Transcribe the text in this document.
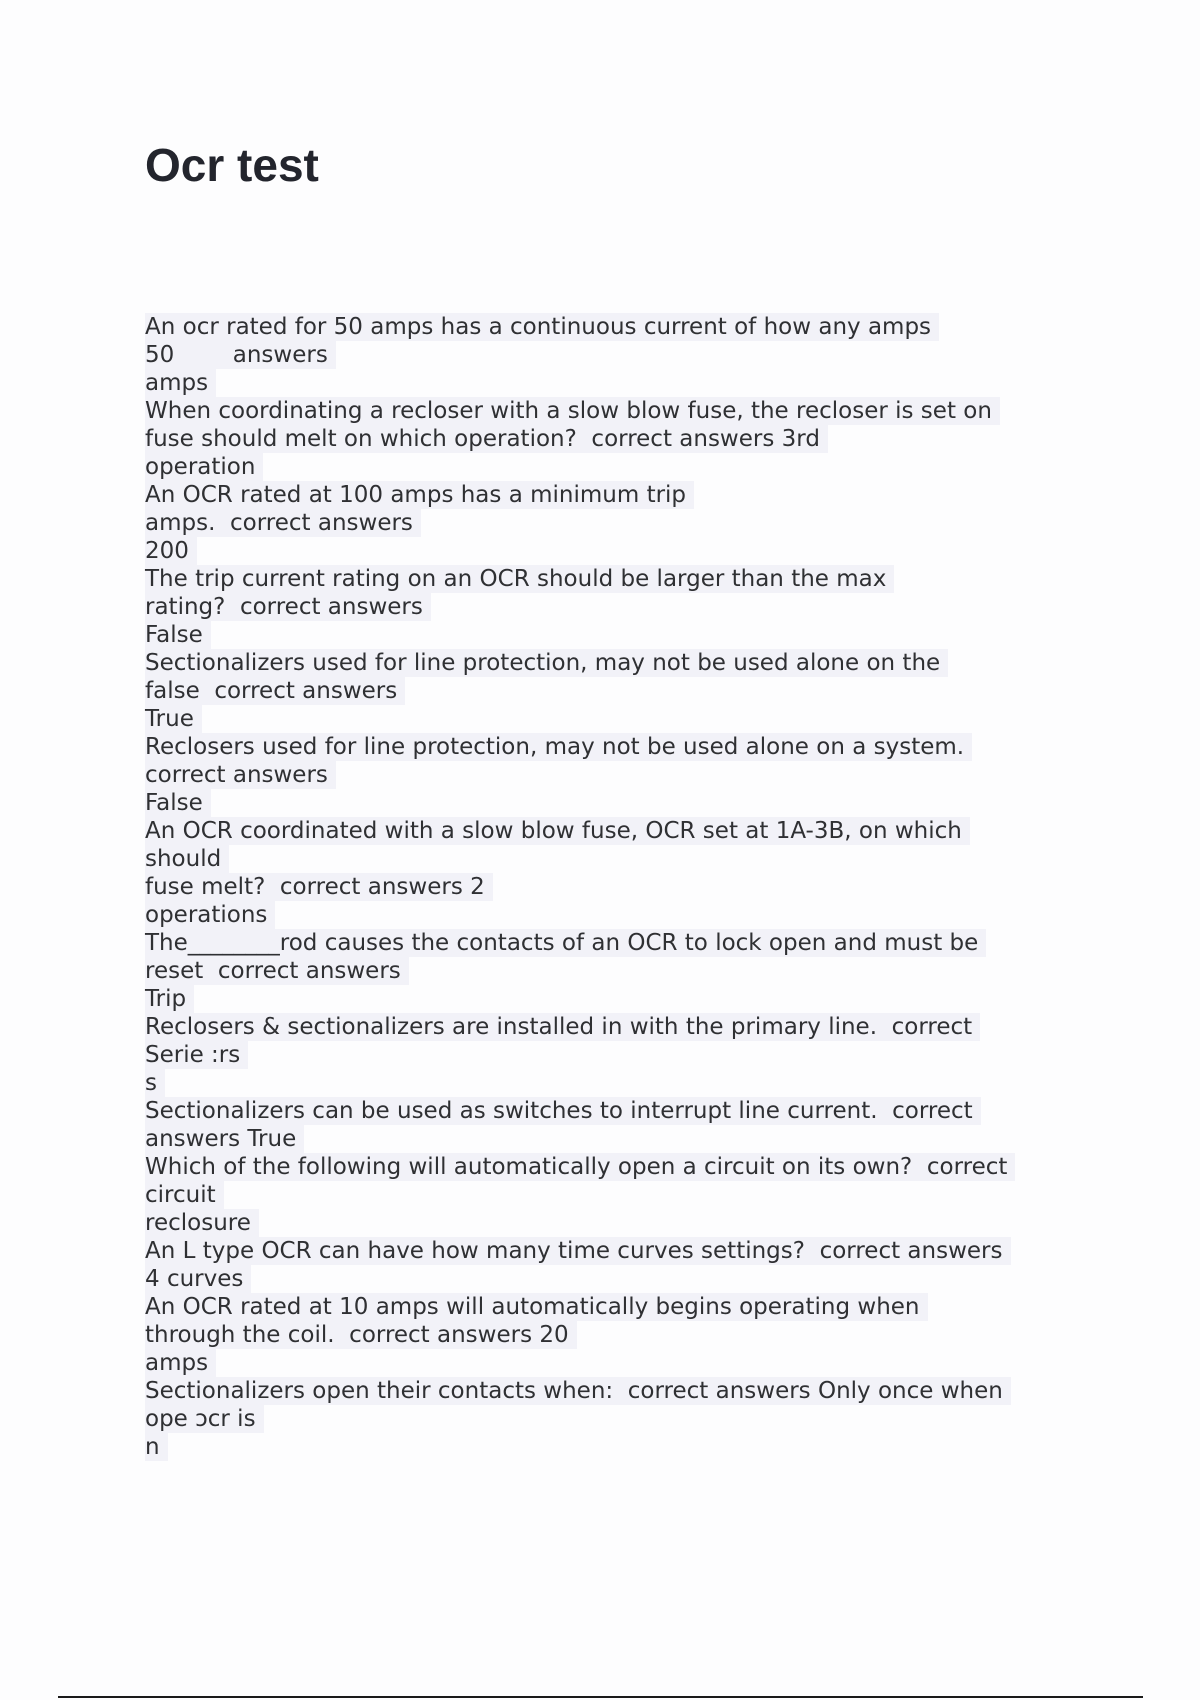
Ocr test
An ocr rated for 50 amps has a continuous current of how any amps
50        answers
amps
When coordinating a recloser with a slow blow fuse, the recloser is set on
fuse should melt on which operation?  correct answers 3rd
operation
An OCR rated at 100 amps has a minimum trip
amps.  correct answers
200
The trip current rating on an OCR should be larger than the max
rating?  correct answers
False
Sectionalizers used for line protection, may not be used alone on the
false  correct answers
True
Reclosers used for line protection, may not be used alone on a system.
correct answers
False
An OCR coordinated with a slow blow fuse, OCR set at 1A-3B, on which
should
fuse melt?  correct answers 2
operations
The________rod causes the contacts of an OCR to lock open and must be
reset  correct answers
Trip
Reclosers & sectionalizers are installed in with the primary line.  correct
Serie :rs
s
Sectionalizers can be used as switches to interrupt line current.  correct
answers True
Which of the following will automatically open a circuit on its own?  correct
circuit
reclosure
An L type OCR can have how many time curves settings?  correct answers
4 curves
An OCR rated at 10 amps will automatically begins operating when
through the coil.  correct answers 20
amps
Sectionalizers open their contacts when:  correct answers Only once when
ope ɔcr is
n
